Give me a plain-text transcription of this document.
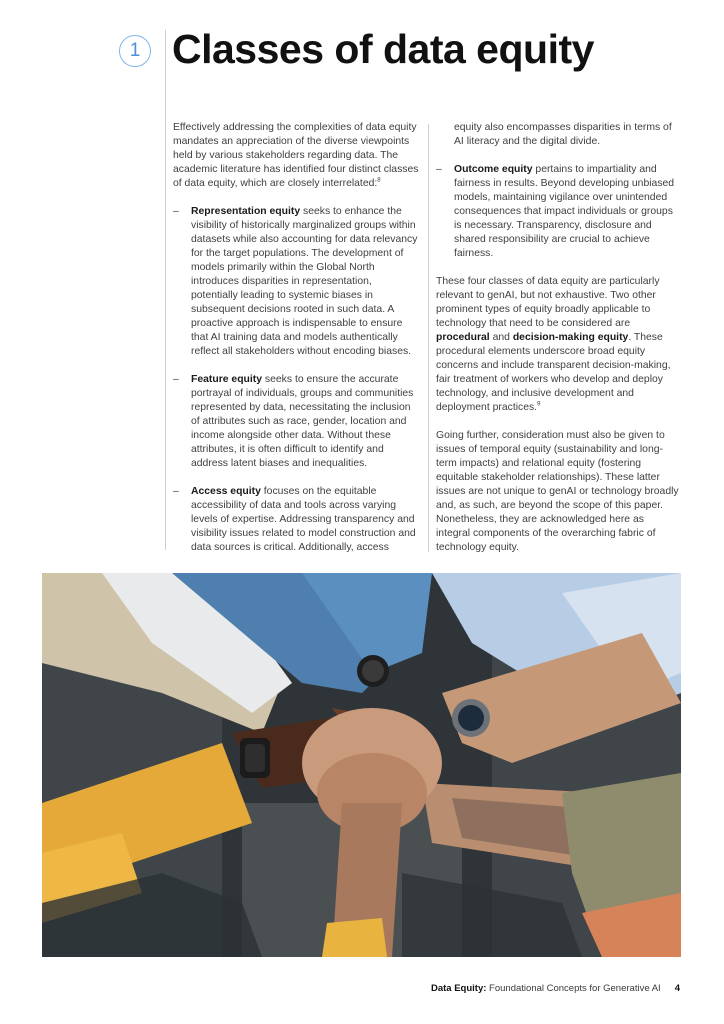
1 Classes of data equity

Effectively addressing the complexities of data equity mandates an appreciation of the diverse viewpoints held by various stakeholders regarding data. The academic literature has identified four distinct classes of data equity, which are closely interrelated:$^8$

–	Representation equity seeks to enhance the visibility of historically marginalized groups within datasets while also accounting for data relevancy for the target populations. The development of models primarily within the Global North introduces disparities in representation, potentially leading to systemic biases in subsequent decisions rooted in such data. A proactive approach is indispensable to ensure that AI training data and models authentically reflect all stakeholders without encoding biases.
–	Feature equity seeks to ensure the accurate portrayal of individuals, groups and communities represented by data, necessitating the inclusion of attributes such as race, gender, location and income alongside other data. Without these attributes, it is often difficult to identify and address latent biases and inequalities.
–	Access equity focuses on the equitable accessibility of data and tools across varying levels of expertise. Addressing transparency and visibility issues related to model construction and data sources is critical. Additionally, access

equity also encompasses disparities in terms of AI literacy and the digital divide.

–	Outcome equity pertains to impartiality and fairness in results. Beyond developing unbiased models, maintaining vigilance over unintended consequences that impact individuals or groups is necessary. Transparency, disclosure and shared responsibility are crucial to achieve fairness.

These four classes of data equity are particularly relevant to genAI, but not exhaustive. Two other prominent types of equity broadly applicable to technology that need to be considered are procedural and decision-making equity. These procedural elements underscore broad equity concerns and include transparent decision-making, fair treatment of workers who develop and deploy technology, and inclusive development and deployment practices.$^9$

Going further, consideration must also be given to issues of temporal equity (sustainability and long-term impacts) and relational equity (fostering equitable stakeholder relationships). These latter issues are not unique to genAI or technology broadly and, as such, are beyond the scope of this paper. Nonetheless, they are acknowledged here as integral components of the overarching fabric of technology equity.

Data Equity: Foundational Concepts for Generative AI 4
